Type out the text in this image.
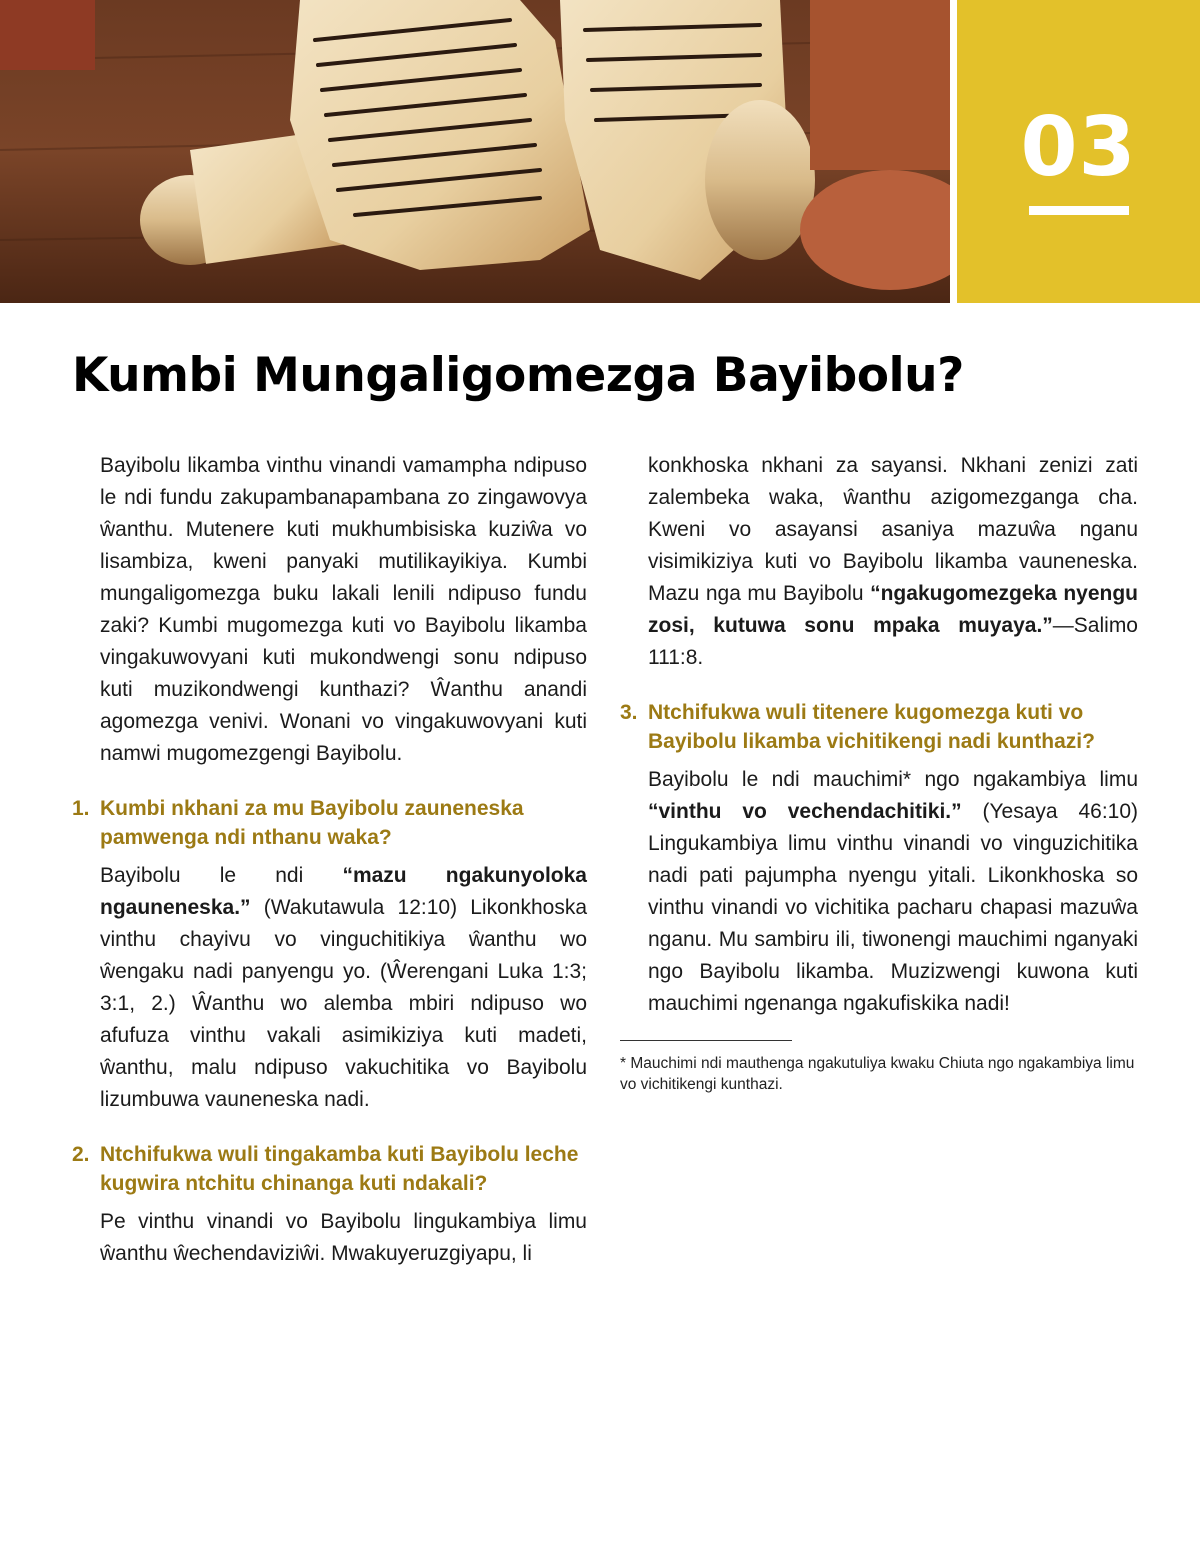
03
Kumbi Mungaligomezga Bayibolu?

Bayibolu likamba vinthu vinandi vamampha ndipuso le ndi fundu zakupambanapambana zo zingawovya ŵanthu. Mutenere kuti mukhumbisiska kuziŵa vo lisambiza, kweni panyaki mutilikayikiya. Kumbi mungaligomezga buku lakali lenili ndipuso fundu zaki? Kumbi mugomezga kuti vo Bayibolu likamba vingakuwovyani kuti mukondwengi sonu ndipuso kuti muzikondwengi kunthazi? Ŵanthu anandi agomezga venivi. Wonani vo vingakuwovyani kuti namwi mugomezgengi Bayibolu.

1. Kumbi nkhani za mu Bayibolu zauneneska pamwenga ndi nthanu waka?

Bayibolu le ndi “mazu ngakunyoloka ngauneneska.” (Wakutawula 12:10) Likonkhoska vinthu chayivu vo vinguchitikiya ŵanthu wo ŵengaku nadi panyengu yo. (Ŵerengani Luka 1:3; 3:1, 2.) Ŵanthu wo alemba mbiri ndipuso wo afufuza vinthu vakali asimikiziya kuti madeti, ŵanthu, malu ndipuso vakuchitika vo Bayibolu lizumbuwa vauneneska nadi.

2. Ntchifukwa wuli tingakamba kuti Bayibolu leche kugwira ntchitu chinanga kuti ndakali?

Pe vinthu vinandi vo Bayibolu lingukambiya limu ŵanthu ŵechendaviziŵi. Mwakuyeruzgiyapu, li

konkhoska nkhani za sayansi. Nkhani zenizi zati zalembeka waka, ŵanthu azigomezganga cha. Kweni vo asayansi asaniya mazuŵa nganu visimikiziya kuti vo Bayibolu likamba vauneneska. Mazu nga mu Bayibolu “ngakugomezgeka nyengu zosi, kutuwa sonu mpaka muyaya.”—Salimo 111:8.

3. Ntchifukwa wuli titenere kugomezga kuti vo Bayibolu likamba vichitikengi nadi kunthazi?

Bayibolu le ndi mauchimi* ngo ngakambiya limu “vinthu vo vechendachitiki.” (Yesaya 46:10) Lingukambiya limu vinthu vinandi vo vinguzichitika nadi pati pajumpha nyengu yitali. Likonkhoska so vinthu vinandi vo vichitika pacharu chapasi mazuŵa nganu. Mu sambiru ili, tiwonengi mauchimi nganyaki ngo Bayibolu likamba. Muzizwengi kuwona kuti mauchimi ngenanga ngakufiskika nadi!

* Mauchimi ndi mauthenga ngakutuliya kwaku Chiuta ngo ngakambiya limu vo vichitikengi kunthazi.
